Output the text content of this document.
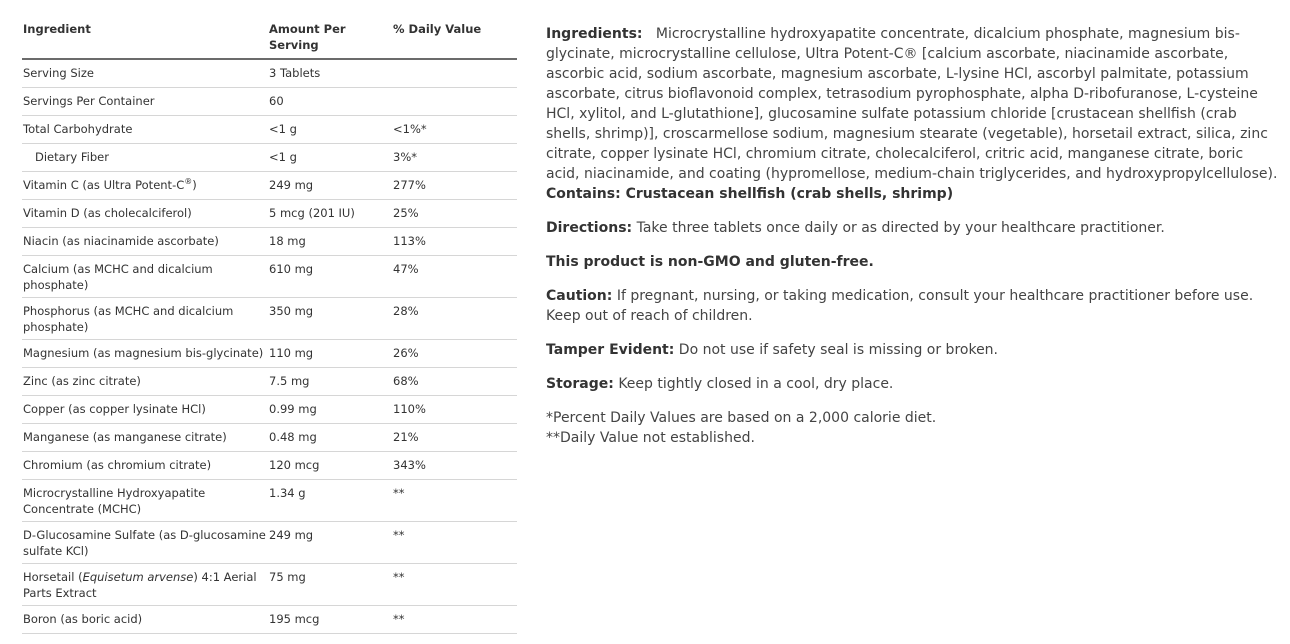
Ingredient	Amount Per Serving	% Daily Value
Serving Size	3 Tablets	
Servings Per Container	60	
Total Carbohydrate	<1 g	<1%*
Dietary Fiber	<1 g	3%*
Vitamin C (as Ultra Potent-C®)	249 mg	277%
Vitamin D (as cholecalciferol)	5 mcg (201 IU)	25%
Niacin (as niacinamide ascorbate)	18 mg	113%
Calcium (as MCHC and dicalcium phosphate)	610 mg	47%
Phosphorus (as MCHC and dicalcium phosphate)	350 mg	28%
Magnesium (as magnesium bis-glycinate)	110 mg	26%
Zinc (as zinc citrate)	7.5 mg	68%
Copper (as copper lysinate HCl)	0.99 mg	110%
Manganese (as manganese citrate)	0.48 mg	21%
Chromium (as chromium citrate)	120 mcg	343%
Microcrystalline Hydroxyapatite Concentrate (MCHC)	1.34 g	**
D-Glucosamine Sulfate (as D-glucosamine sulfate KCl)	249 mg	**
Horsetail (Equisetum arvense) 4:1 Aerial Parts Extract	75 mg	**
Boron (as boric acid)	195 mcg	**

Ingredients: Microcrystalline hydroxyapatite concentrate, dicalcium phosphate, magnesium bis-glycinate, microcrystalline cellulose, Ultra Potent-C® [calcium ascorbate, niacinamide ascorbate, ascorbic acid, sodium ascorbate, magnesium ascorbate, L-lysine HCl, ascorbyl palmitate, potassium ascorbate, citrus bioflavonoid complex, tetrasodium pyrophosphate, alpha D-ribofuranose, L-cysteine HCl, xylitol, and L-glutathione], glucosamine sulfate potassium chloride [crustacean shellfish (crab shells, shrimp)], croscarmellose sodium, magnesium stearate (vegetable), horsetail extract, silica, zinc citrate, copper lysinate HCl, chromium citrate, cholecalciferol, critric acid, manganese citrate, boric acid, niacinamide, and coating (hypromellose, medium-chain triglycerides, and hydroxypropylcellulose). Contains: Crustacean shellfish (crab shells, shrimp)

Directions: Take three tablets once daily or as directed by your healthcare practitioner.

This product is non-GMO and gluten-free.

Caution: If pregnant, nursing, or taking medication, consult your healthcare practitioner before use. Keep out of reach of children.

Tamper Evident: Do not use if safety seal is missing or broken.

Storage: Keep tightly closed in a cool, dry place.

*Percent Daily Values are based on a 2,000 calorie diet.
**Daily Value not established.
